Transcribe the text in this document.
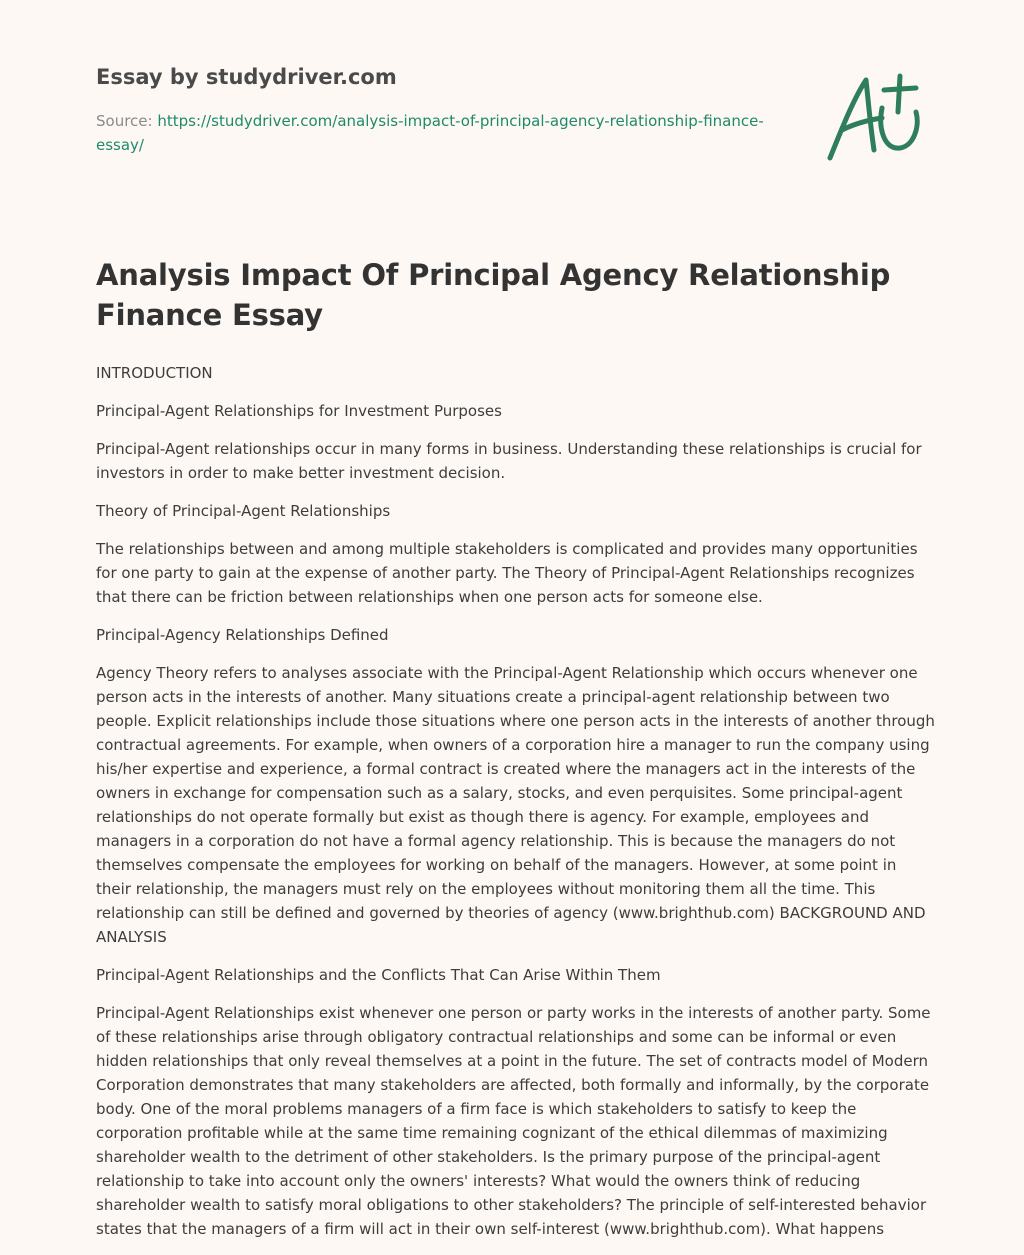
Essay by studydriver.com
Source: https://studydriver.com/analysis-impact-of-principal-agency-relationship-finance-essay/
Analysis Impact Of Principal Agency Relationship Finance Essay

INTRODUCTION

Principal-Agent Relationships for Investment Purposes

Principal-Agent relationships occur in many forms in business. Understanding these relationships is crucial for investors in order to make better investment decision.

Theory of Principal-Agent Relationships

The relationships between and among multiple stakeholders is complicated and provides many opportunities for one party to gain at the expense of another party. The Theory of Principal-Agent Relationships recognizes that there can be friction between relationships when one person acts for someone else.

Principal-Agency Relationships Defined

Agency Theory refers to analyses associate with the Principal-Agent Relationship which occurs whenever one person acts in the interests of another. Many situations create a principal-agent relationship between two people. Explicit relationships include those situations where one person acts in the interests of another through contractual agreements. For example, when owners of a corporation hire a manager to run the company using his/her expertise and experience, a formal contract is created where the managers act in the interests of the owners in exchange for compensation such as a salary, stocks, and even perquisites. Some principal-agent relationships do not operate formally but exist as though there is agency. For example, employees and managers in a corporation do not have a formal agency relationship. This is because the managers do not themselves compensate the employees for working on behalf of the managers. However, at some point in their relationship, the managers must rely on the employees without monitoring them all the time. This relationship can still be defined and governed by theories of agency (www.brighthub.com) BACKGROUND AND ANALYSIS

Principal-Agent Relationships and the Conflicts That Can Arise Within Them

Principal-Agent Relationships exist whenever one person or party works in the interests of another party. Some of these relationships arise through obligatory contractual relationships and some can be informal or even hidden relationships that only reveal themselves at a point in the future. The set of contracts model of Modern Corporation demonstrates that many stakeholders are affected, both formally and informally, by the corporate body. One of the moral problems managers of a firm face is which stakeholders to satisfy to keep the corporation profitable while at the same time remaining cognizant of the ethical dilemmas of maximizing shareholder wealth to the detriment of other stakeholders. Is the primary purpose of the principal-agent relationship to take into account only the owners' interests? What would the owners think of reducing shareholder wealth to satisfy moral obligations to other stakeholders? The principle of self-interested behavior states that the managers of a firm will act in their own self-interest (www.brighthub.com). What happens
